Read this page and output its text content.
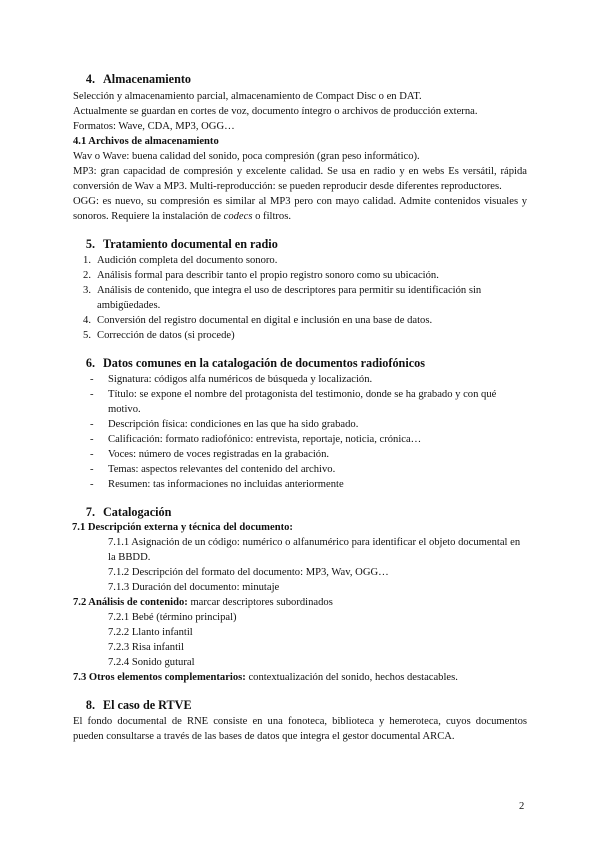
4. Almacenamiento

Selección y almacenamiento parcial, almacenamiento de Compact Disc o en DAT.

Actualmente se guardan en cortes de voz, documento íntegro o archivos de producción externa.

Formatos: Wave, CDA, MP3, OGG…

4.1 Archivos de almacenamiento

Wav o Wave: buena calidad del sonido, poca compresión (gran peso informático).

MP3: gran capacidad de compresión y excelente calidad. Se usa en radio y en webs Es versátil, rápida conversión de Wav a MP3. Multi-reproducción: se pueden reproducir desde diferentes reproductores.

OGG: es nuevo, su compresión es similar al MP3 pero con mayo calidad. Admite contenidos visuales y sonoros. Requiere la instalación de codecs o filtros.

5. Tratamiento documental en radio
1. Audición completa del documento sonoro.
2. Análisis formal para describir tanto el propio registro sonoro como su ubicación.
3. Análisis de contenido, que integra el uso de descriptores para permitir su identificación sin ambigüedades.
4. Conversión del registro documental en digital e inclusión en una base de datos.
5. Corrección de datos (si procede)
6. Datos comunes en la catalogación de documentos radiofónicos
- Signatura: códigos alfa numéricos de búsqueda y localización.
- Título: se expone el nombre del protagonista del testimonio, donde se ha grabado y con qué motivo.
- Descripción física: condiciones en las que ha sido grabado.
- Calificación: formato radiofónico: entrevista, reportaje, noticia, crónica…
- Voces: número de voces registradas en la grabación.
- Temas: aspectos relevantes del contenido del archivo.
- Resumen: tas informaciones no incluidas anteriormente
7. Catalogación

7.1 Descripción externa y técnica del documento:

7.1.1 Asignación de un código: numérico o alfanumérico para identificar el objeto documental en la BBDD.

7.1.2 Descripción del formato del documento: MP3, Wav, OGG…

7.1.3 Duración del documento: minutaje

7.2 Análisis de contenido: marcar descriptores subordinados

7.2.1 Bebé (término principal)

7.2.2 Llanto infantil

7.2.3 Risa infantil

7.2.4 Sonido gutural

7.3 Otros elementos complementarios: contextualización del sonido, hechos destacables.

8. El caso de RTVE

El fondo documental de RNE consiste en una fonoteca, biblioteca y hemeroteca, cuyos documentos pueden consultarse a través de las bases de datos que integra el gestor documental ARCA.

2
